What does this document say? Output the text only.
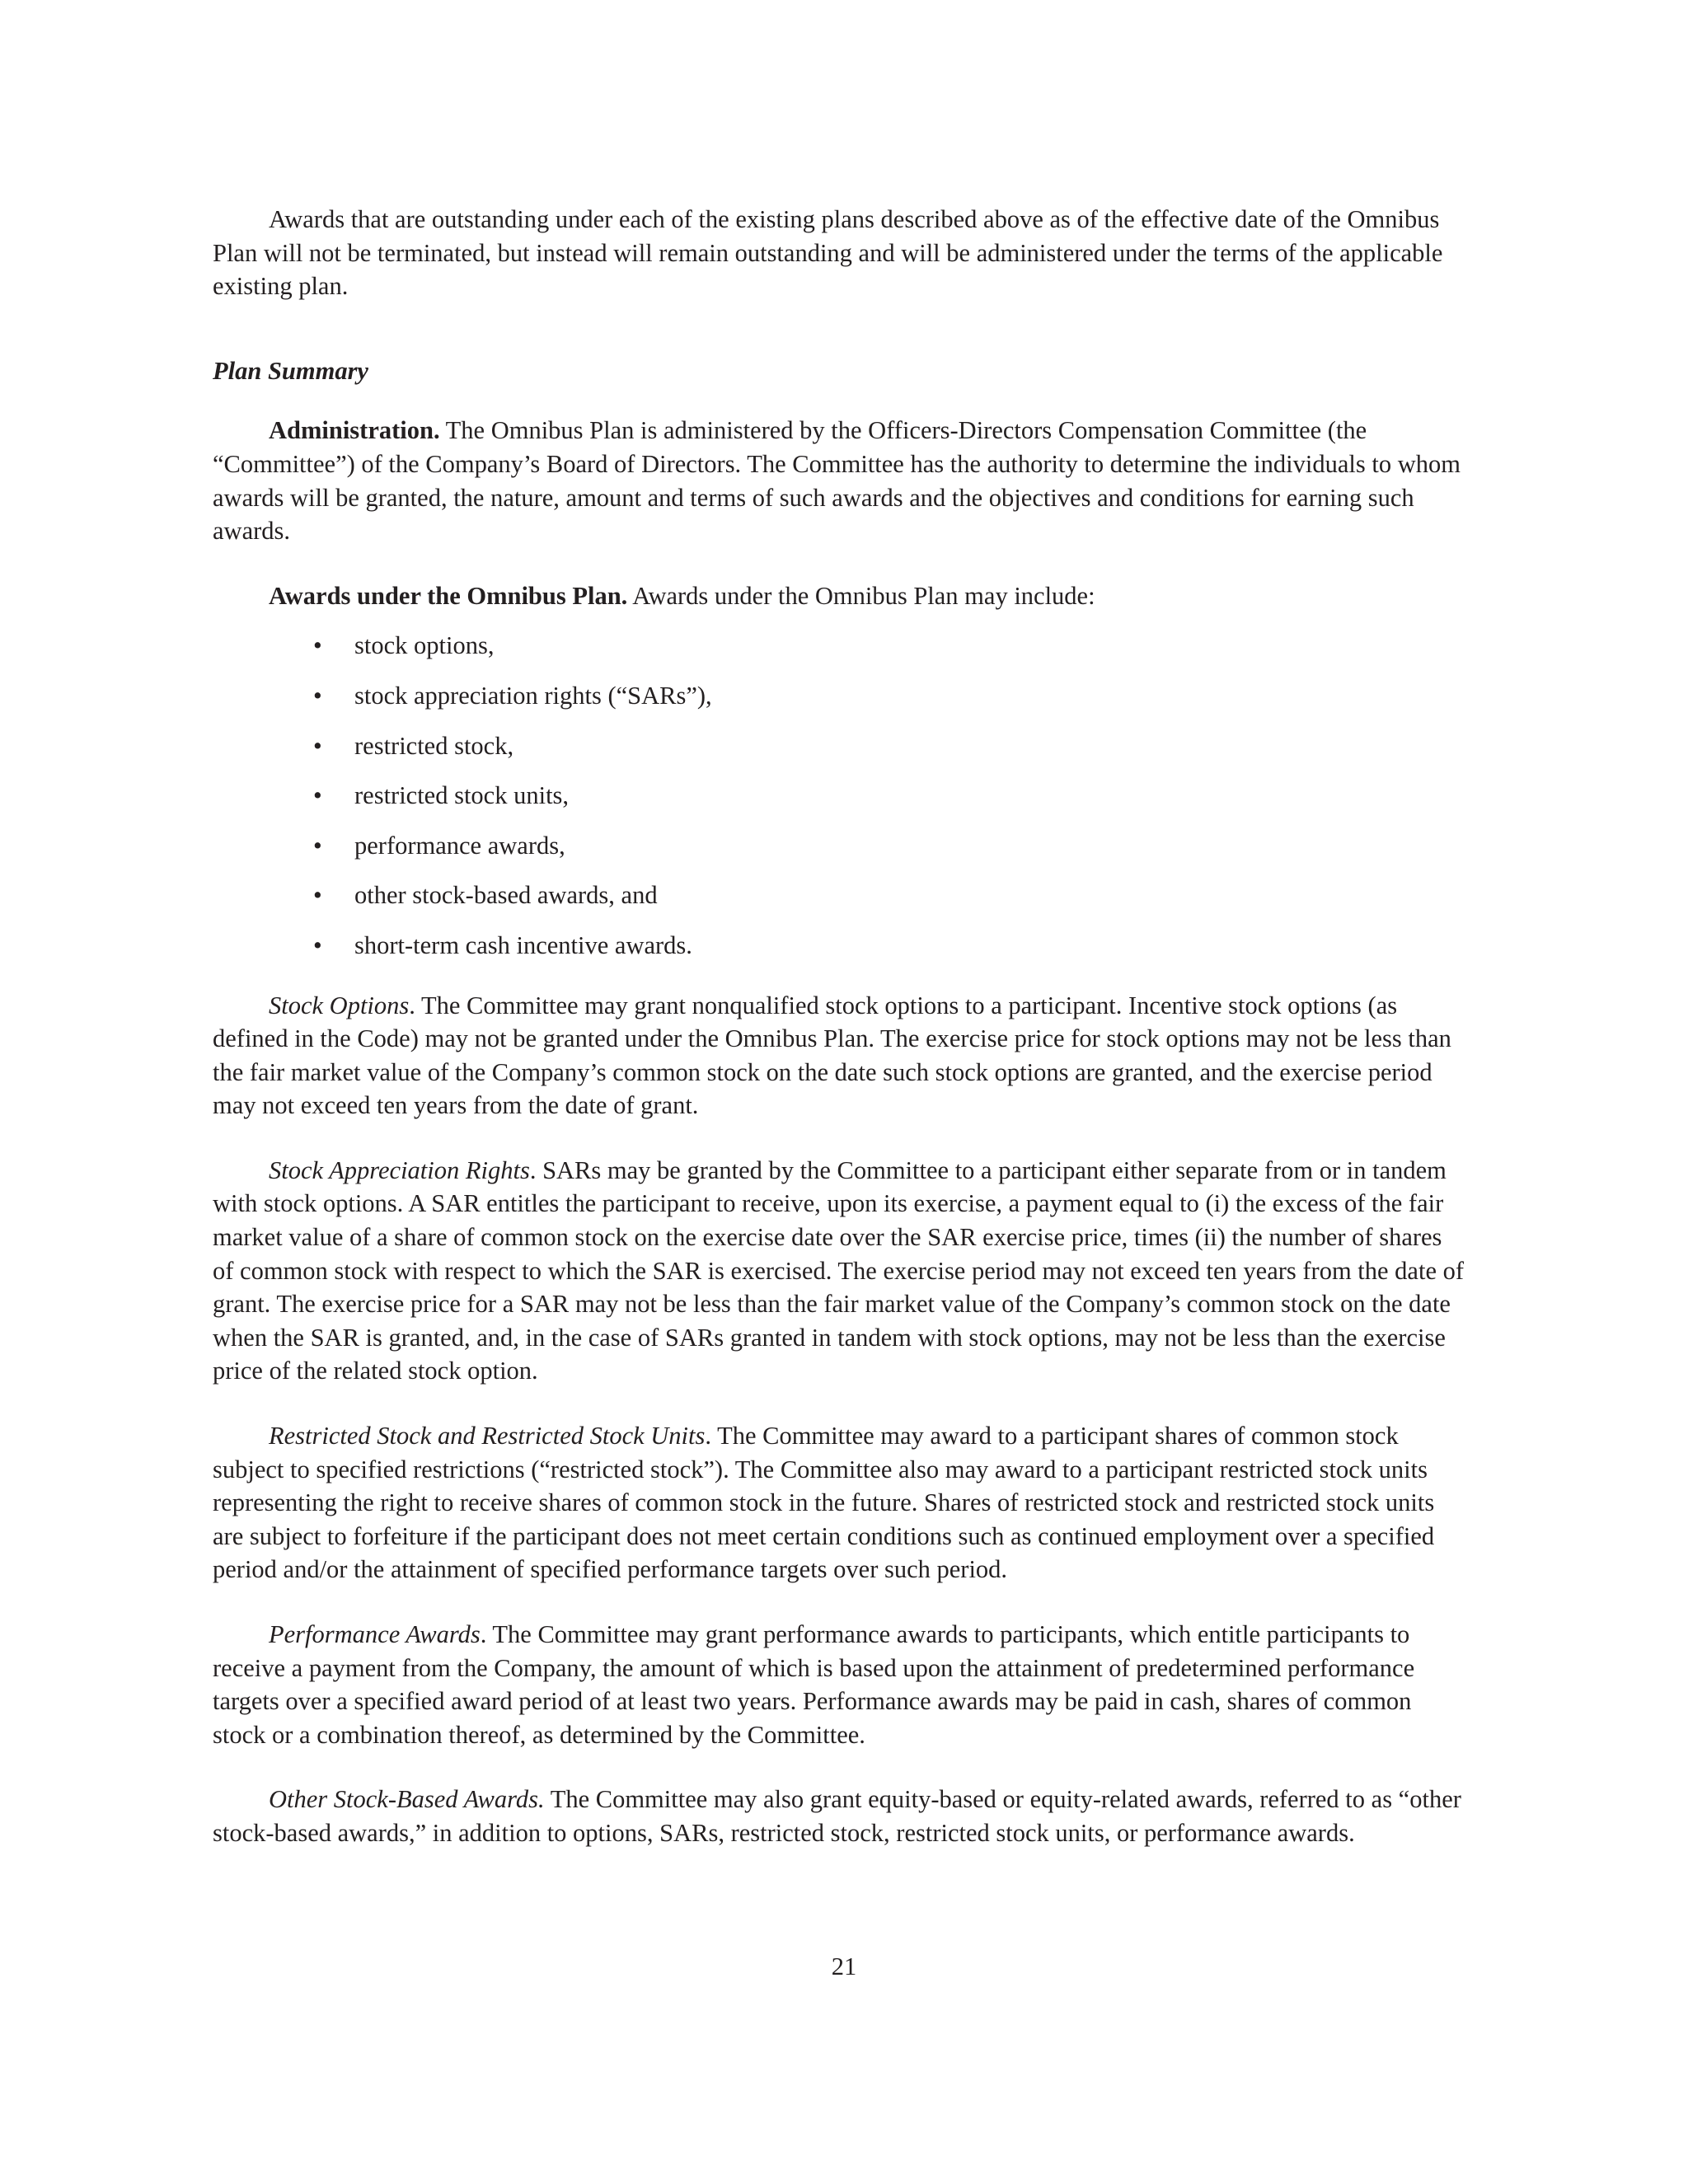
Awards that are outstanding under each of the existing plans described above as of the effective date of the Omnibus Plan will not be terminated, but instead will remain outstanding and will be administered under the terms of the applicable existing plan.

Plan Summary

Administration. The Omnibus Plan is administered by the Officers-Directors Compensation Committee (the “Committee”) of the Company’s Board of Directors. The Committee has the authority to determine the individuals to whom awards will be granted, the nature, amount and terms of such awards and the objectives and conditions for earning such awards.

Awards under the Omnibus Plan. Awards under the Omnibus Plan may include:

• stock options,
• stock appreciation rights (“SARs”),
• restricted stock,
• restricted stock units,
• performance awards,
• other stock-based awards, and
• short-term cash incentive awards.

Stock Options. The Committee may grant nonqualified stock options to a participant. Incentive stock options (as defined in the Code) may not be granted under the Omnibus Plan. The exercise price for stock options may not be less than the fair market value of the Company’s common stock on the date such stock options are granted, and the exercise period may not exceed ten years from the date of grant.

Stock Appreciation Rights. SARs may be granted by the Committee to a participant either separate from or in tandem with stock options. A SAR entitles the participant to receive, upon its exercise, a payment equal to (i) the excess of the fair market value of a share of common stock on the exercise date over the SAR exercise price, times (ii) the number of shares of common stock with respect to which the SAR is exercised. The exercise period may not exceed ten years from the date of grant. The exercise price for a SAR may not be less than the fair market value of the Company’s common stock on the date when the SAR is granted, and, in the case of SARs granted in tandem with stock options, may not be less than the exercise price of the related stock option.

Restricted Stock and Restricted Stock Units. The Committee may award to a participant shares of common stock subject to specified restrictions (“restricted stock”). The Committee also may award to a participant restricted stock units representing the right to receive shares of common stock in the future. Shares of restricted stock and restricted stock units are subject to forfeiture if the participant does not meet certain conditions such as continued employment over a specified period and/or the attainment of specified performance targets over such period.

Performance Awards. The Committee may grant performance awards to participants, which entitle participants to receive a payment from the Company, the amount of which is based upon the attainment of predetermined performance targets over a specified award period of at least two years. Performance awards may be paid in cash, shares of common stock or a combination thereof, as determined by the Committee.

Other Stock-Based Awards. The Committee may also grant equity-based or equity-related awards, referred to as “other stock-based awards,” in addition to options, SARs, restricted stock, restricted stock units, or performance awards.

21
